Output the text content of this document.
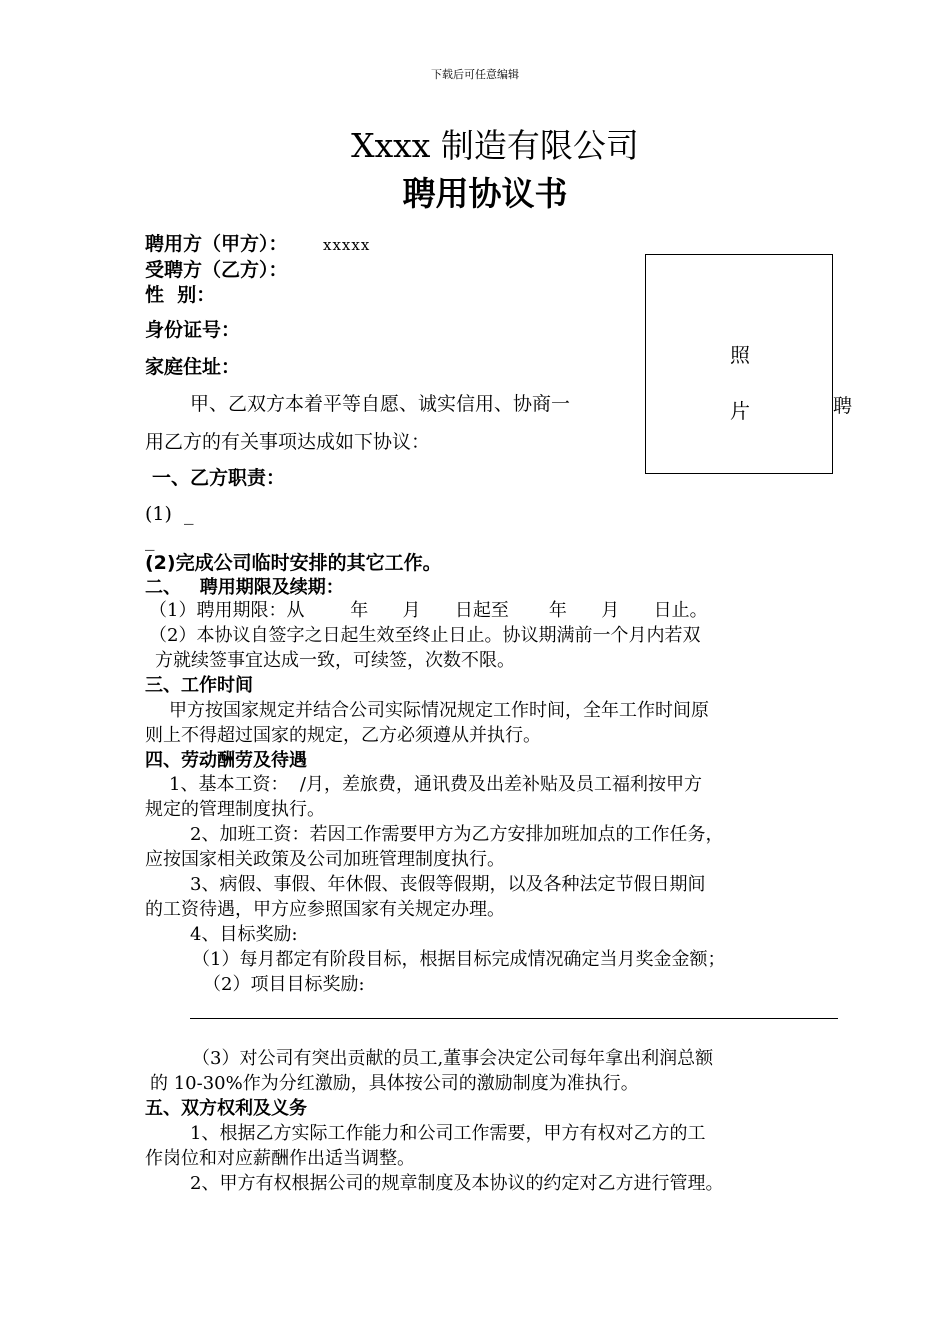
下载后可任意编辑
Xxxx 制造有限公司
聘用协议书
聘用方（甲方）： xxxxx
受聘方（乙方）：
性  别：
身份证号：
家庭住址：
甲、乙双方本着平等自愿、诚实信用、协商一	聘
用乙方的有关事项达成如下协议：
照
片
一、乙方职责：
(1)  _
_
(2)完成公司临时安排的其它工作。
二、   聘用期限及续期：
（1）聘用期限：从        年      月      日起至       年      月      日止。
（2）本协议自签字之日起生效至终止日止。协议期满前一个月内若双
方就续签事宜达成一致，可续签，次数不限。
三、工作时间
甲方按国家规定并结合公司实际情况规定工作时间，全年工作时间原
则上不得超过国家的规定，乙方必须遵从并执行。
四、劳动酬劳及待遇
1、基本工资：  /月，差旅费，通讯费及出差补贴及员工福利按甲方
规定的管理制度执行。
2、加班工资：若因工作需要甲方为乙方安排加班加点的工作任务，
应按国家相关政策及公司加班管理制度执行。
3、病假、事假、年休假、丧假等假期，以及各种法定节假日期间
的工资待遇，甲方应参照国家有关规定办理。
4、目标奖励:
（1）每月都定有阶段目标，根据目标完成情况确定当月奖金金额；
（2）项目目标奖励:
（3）对公司有突出贡献的员工,董事会决定公司每年拿出利润总额
的 10-30%作为分红激励，具体按公司的激励制度为准执行。
五、双方权利及义务
1、根据乙方实际工作能力和公司工作需要，甲方有权对乙方的工
作岗位和对应薪酬作出适当调整。
2、甲方有权根据公司的规章制度及本协议的约定对乙方进行管理。
